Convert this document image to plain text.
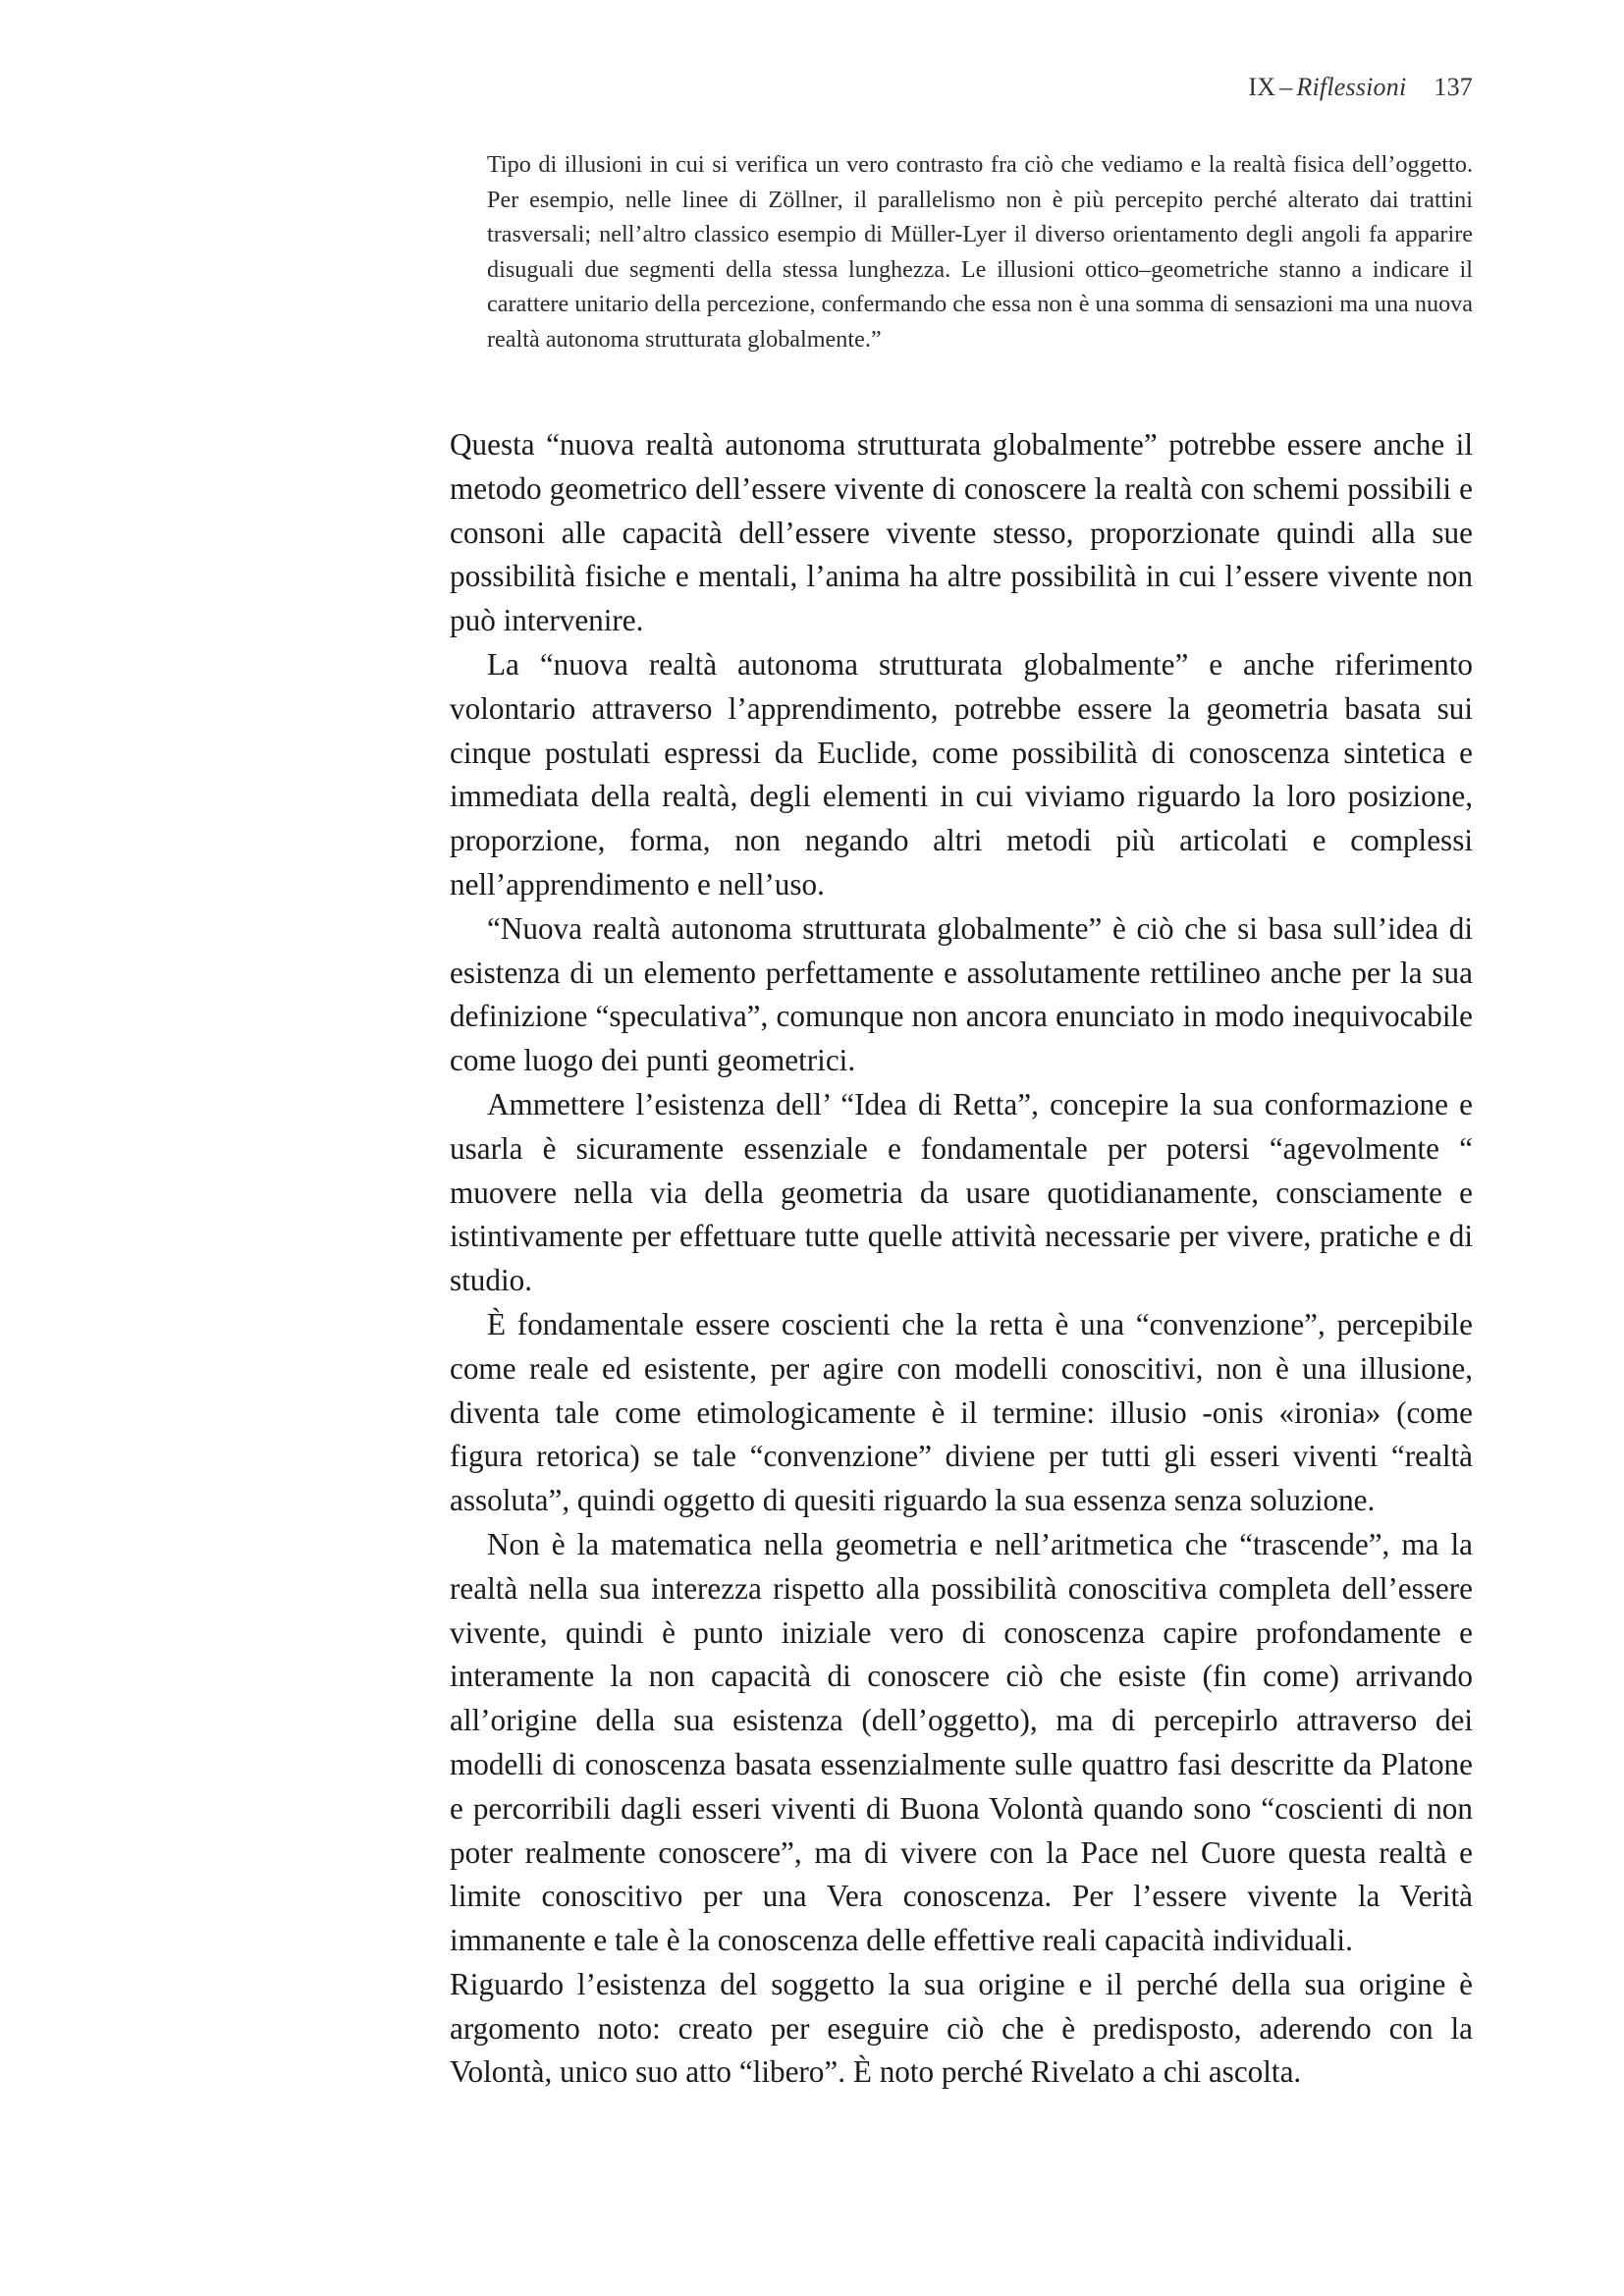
IX – Riflessioni 137

Tipo di illusioni in cui si verifica un vero contrasto fra ciò che vediamo e la realtà fisica dell’oggetto. Per esempio, nelle linee di Zöllner, il parallelismo non è più percepito perché alterato dai trattini trasversali; nell’altro classico esempio di Müller-Lyer il diverso orientamento degli angoli fa apparire disuguali due segmenti della stessa lunghezza. Le illusioni ottico–geometriche stanno a indicare il carattere unitario della percezione, confermando che essa non è una somma di sensazioni ma una nuova realtà autonoma strutturata globalmente.”

Questa “nuova realtà autonoma strutturata globalmente” potrebbe essere anche il metodo geometrico dell’essere vivente di conoscere la realtà con schemi possibili e consoni alle capacità dell’essere vivente stesso, proporzionate quindi alla sue possibilità fisiche e mentali, l’anima ha altre possibilità in cui l’essere vivente non può intervenire.

La “nuova realtà autonoma strutturata globalmente” e anche riferimento volontario attraverso l’apprendimento, potrebbe essere la geometria basata sui cinque postulati espressi da Euclide, come possibilità di conoscenza sintetica e immediata della realtà, degli elementi in cui viviamo riguardo la loro posizione, proporzione, forma, non negando altri metodi più articolati e complessi nell’apprendimento e nell’uso.

“Nuova realtà autonoma strutturata globalmente” è ciò che si basa sull’idea di esistenza di un elemento perfettamente e assolutamente rettilineo anche per la sua definizione “speculativa”, comunque non ancora enunciato in modo inequivocabile come luogo dei punti geometrici.

Ammettere l’esistenza dell’ “Idea di Retta”, concepire la sua conformazione e usarla è sicuramente essenziale e fondamentale per potersi “agevolmente “ muovere nella via della geometria da usare quotidianamente, consciamente e istintivamente per effettuare tutte quelle attività necessarie per vivere, pratiche e di studio.

È fondamentale essere coscienti che la retta è una “convenzione”, percepibile come reale ed esistente, per agire con modelli conoscitivi, non è una illusione, diventa tale come etimologicamente è il termine: illusio -onis «ironia» (come figura retorica) se tale “convenzione” diviene per tutti gli esseri viventi “realtà assoluta”, quindi oggetto di quesiti riguardo la sua essenza senza soluzione.

Non è la matematica nella geometria e nell’aritmetica che “trascende”, ma la realtà nella sua interezza rispetto alla possibilità conoscitiva completa dell’essere vivente, quindi è punto iniziale vero di conoscenza capire profondamente e interamente la non capacità di conoscere ciò che esiste (fin come) arrivando all’origine della sua esistenza (dell’oggetto), ma di percepirlo attraverso dei modelli di conoscenza basata essenzialmente sulle quattro fasi descritte da Platone e percorribili dagli esseri viventi di Buona Volontà quando sono “coscienti di non poter realmente conoscere”, ma di vivere con la Pace nel Cuore questa realtà e limite conoscitivo per una Vera conoscenza. Per l’essere vivente la Verità immanente e tale è la conoscenza delle effettive reali capacità individuali.

Riguardo l’esistenza del soggetto la sua origine e il perché della sua origine è argomento noto: creato per eseguire ciò che è predisposto, aderendo con la Volontà, unico suo atto “libero”. È noto perché Rivelato a chi ascolta.
